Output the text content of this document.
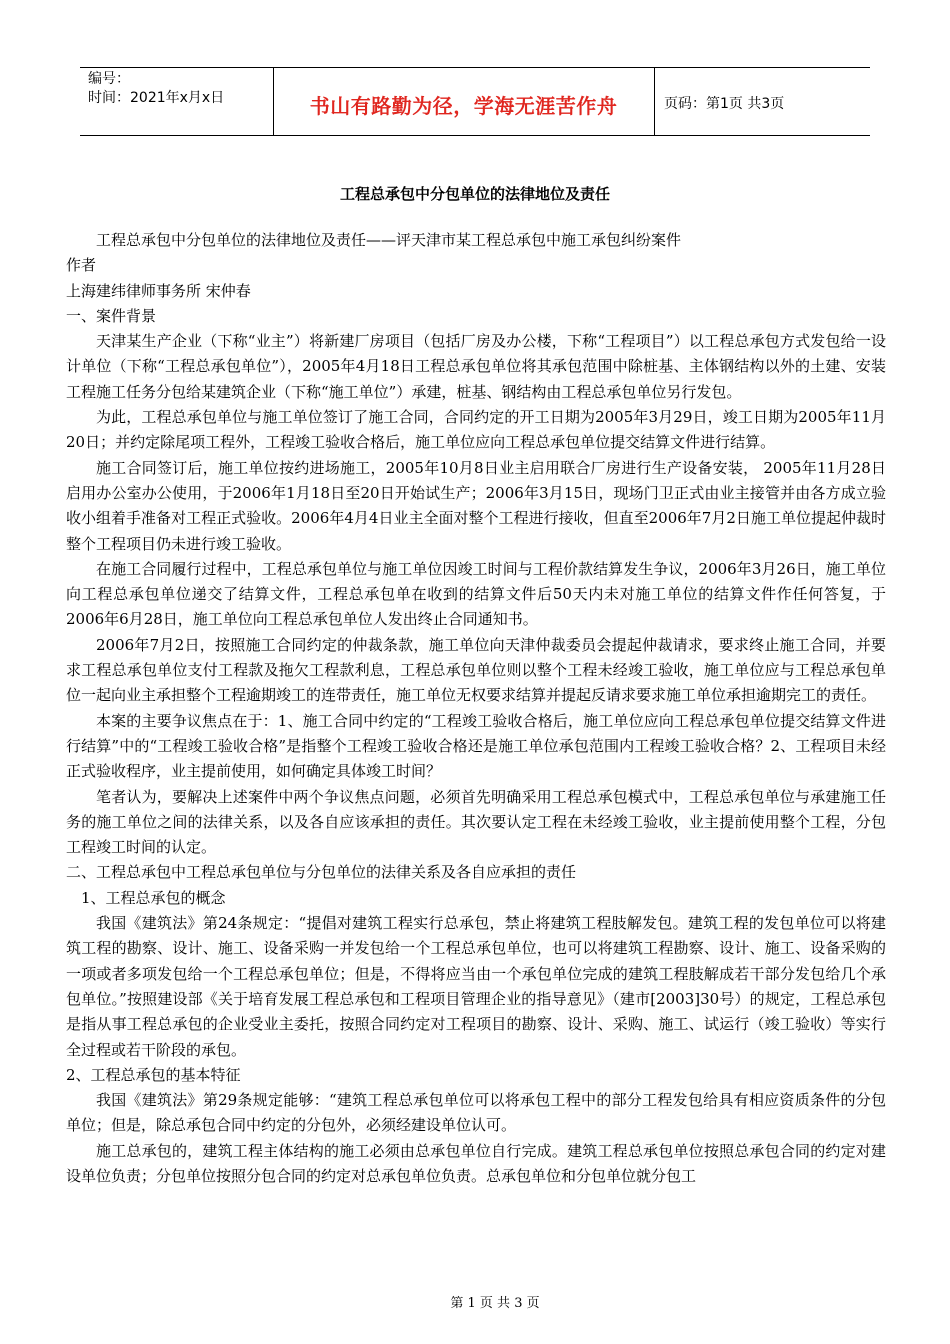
编号：
时间：2021年x月x日	书山有路勤为径，学海无涯苦作舟	页码：第1页 共3页
工程总承包中分包单位的法律地位及责任

工程总承包中分包单位的法律地位及责任——评天津市某工程总承包中施工承包纠纷案件

作者

上海建纬律师事务所 宋仲春

一、案件背景

天津某生产企业（下称“业主”）将新建厂房项目（包括厂房及办公楼，下称“工程项目”）以工程总承包方式发包给一设计单位（下称“工程总承包单位”），2005年4月18日工程总承包单位将其承包范围中除桩基、主体钢结构以外的土建、安装工程施工任务分包给某建筑企业（下称“施工单位”）承建，桩基、钢结构由工程总承包单位另行发包。

为此，工程总承包单位与施工单位签订了施工合同，合同约定的开工日期为2005年3月29日，竣工日期为2005年11月20日；并约定除尾项工程外，工程竣工验收合格后，施工单位应向工程总承包单位提交结算文件进行结算。

施工合同签订后，施工单位按约进场施工，2005年10月8日业主启用联合厂房进行生产设备安装， 2005年11月28日启用办公室办公使用，于2006年1月18日至20日开始试生产；2006年3月15日，现场门卫正式由业主接管并由各方成立验收小组着手准备对工程正式验收。2006年4月4日业主全面对整个工程进行接收，但直至2006年7月2日施工单位提起仲裁时整个工程项目仍未进行竣工验收。

在施工合同履行过程中，工程总承包单位与施工单位因竣工时间与工程价款结算发生争议，2006年3月26日，施工单位向工程总承包单位递交了结算文件，工程总承包单在收到的结算文件后50天内未对施工单位的结算文件作任何答复，于2006年6月28日，施工单位向工程总承包单位人发出终止合同通知书。

2006年7月2日，按照施工合同约定的仲裁条款，施工单位向天津仲裁委员会提起仲裁请求，要求终止施工合同，并要求工程总承包单位支付工程款及拖欠工程款利息，工程总承包单位则以整个工程未经竣工验收，施工单位应与工程总承包单位一起向业主承担整个工程逾期竣工的连带责任，施工单位无权要求结算并提起反请求要求施工单位承担逾期完工的责任。

本案的主要争议焦点在于：1、施工合同中约定的“工程竣工验收合格后，施工单位应向工程总承包单位提交结算文件进行结算”中的“工程竣工验收合格”是指整个工程竣工验收合格还是施工单位承包范围内工程竣工验收合格？2、工程项目未经正式验收程序，业主提前使用，如何确定具体竣工时间？

笔者认为，要解决上述案件中两个争议焦点问题，必须首先明确采用工程总承包模式中，工程总承包单位与承建施工任务的施工单位之间的法律关系，以及各自应该承担的责任。其次要认定工程在未经竣工验收，业主提前使用整个工程，分包工程竣工时间的认定。

二、工程总承包中工程总承包单位与分包单位的法律关系及各自应承担的责任

1、工程总承包的概念

我国《建筑法》第24条规定：“提倡对建筑工程实行总承包，禁止将建筑工程肢解发包。建筑工程的发包单位可以将建筑工程的勘察、设计、施工、设备采购一并发包给一个工程总承包单位，也可以将建筑工程勘察、设计、施工、设备采购的一项或者多项发包给一个工程总承包单位；但是，不得将应当由一个承包单位完成的建筑工程肢解成若干部分发包给几个承包单位。”按照建设部《关于培育发展工程总承包和工程项目管理企业的指导意见》（建市[2003]30号）的规定，工程总承包是指从事工程总承包的企业受业主委托，按照合同约定对工程项目的勘察、设计、采购、施工、试运行（竣工验收）等实行全过程或若干阶段的承包。

2、工程总承包的基本特征

我国《建筑法》第29条规定能够：“建筑工程总承包单位可以将承包工程中的部分工程发包给具有相应资质条件的分包单位；但是，除总承包合同中约定的分包外，必须经建设单位认可。

施工总承包的，建筑工程主体结构的施工必须由总承包单位自行完成。建筑工程总承包单位按照总承包合同的约定对建设单位负责；分包单位按照分包合同的约定对总承包单位负责。总承包单位和分包单位就分包工

第 1 页 共 3 页
